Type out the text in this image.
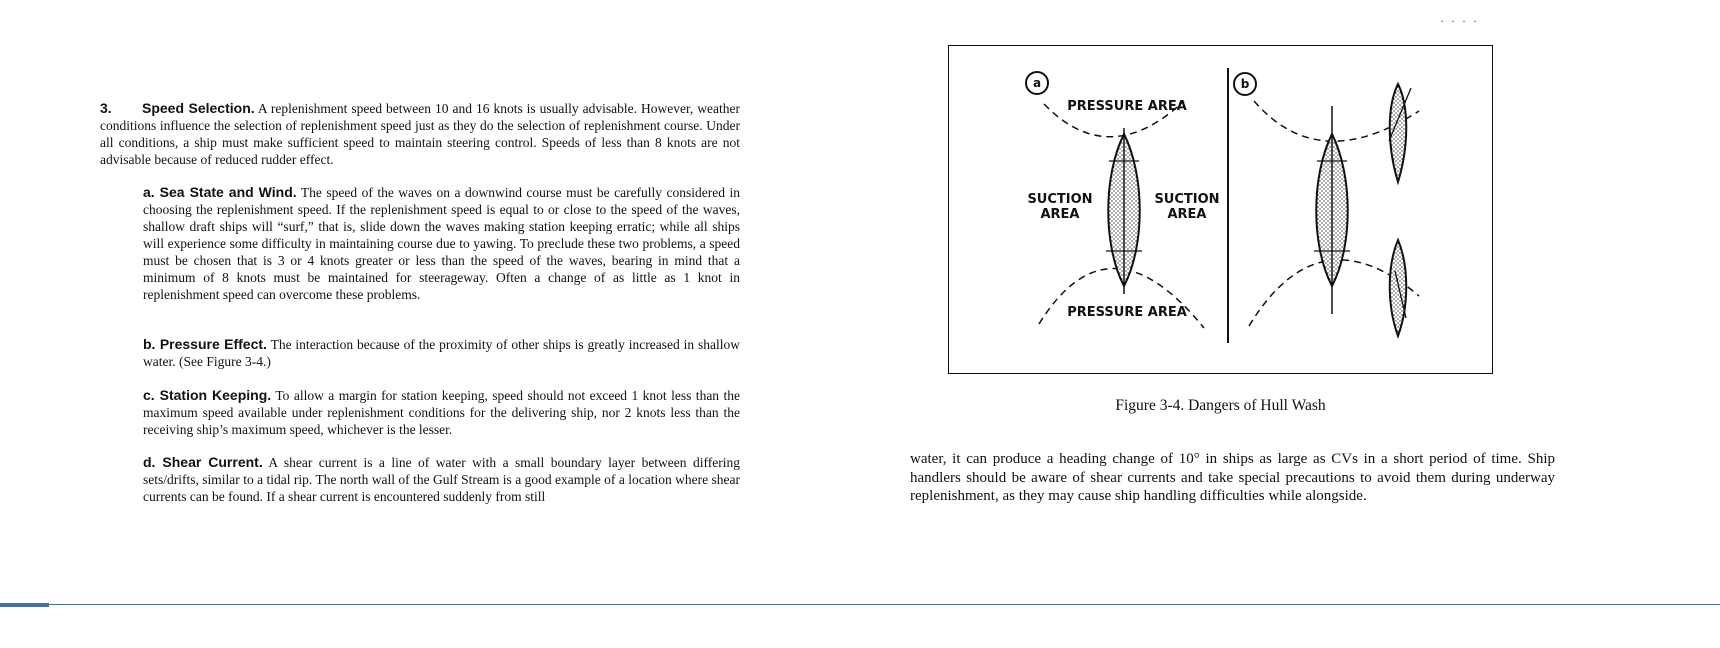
· · · ·

3. Speed Selection. A replenishment speed between 10 and 16 knots is usually advisable. However, weather conditions influence the selection of replenishment speed just as they do the selection of replenishment course. Under all conditions, a ship must make sufficient speed to maintain steering control. Speeds of less than 8 knots are not advisable because of reduced rudder effect.

a. Sea State and Wind. The speed of the waves on a downwind course must be carefully considered in choosing the replenishment speed. If the replenishment speed is equal to or close to the speed of the waves, shallow draft ships will “surf,” that is, slide down the waves making station keeping erratic; while all ships will experience some difficulty in maintaining course due to yawing. To preclude these two problems, a speed must be chosen that is 3 or 4 knots greater or less than the speed of the waves, bearing in mind that a minimum of 8 knots must be maintained for steerageway. Often a change of as little as 1 knot in replenishment speed can overcome these problems.

b. Pressure Effect. The interaction because of the proximity of other ships is greatly increased in shallow water. (See Figure 3-4.)

c. Station Keeping. To allow a margin for station keeping, speed should not exceed 1 knot less than the maximum speed available under replenishment conditions for the delivering ship, nor 2 knots less than the receiving ship’s maximum speed, whichever is the lesser.

d. Shear Current. A shear current is a line of water with a small boundary layer between differing sets/drifts, similar to a tidal rip. The north wall of the Gulf Stream is a good example of a location where shear currents can be found. If a shear current is encountered suddenly from still

a	b
PRESSURE AREA
PRESSURE AREA
SUCTION
AREA
SUCTION
AREA
Figure 3-4. Dangers of Hull Wash

water, it can produce a heading change of 10° in ships as large as CVs in a short period of time. Ship handlers should be aware of shear currents and take special precautions to avoid them during underway replenishment, as they may cause ship handling difficulties while alongside.
